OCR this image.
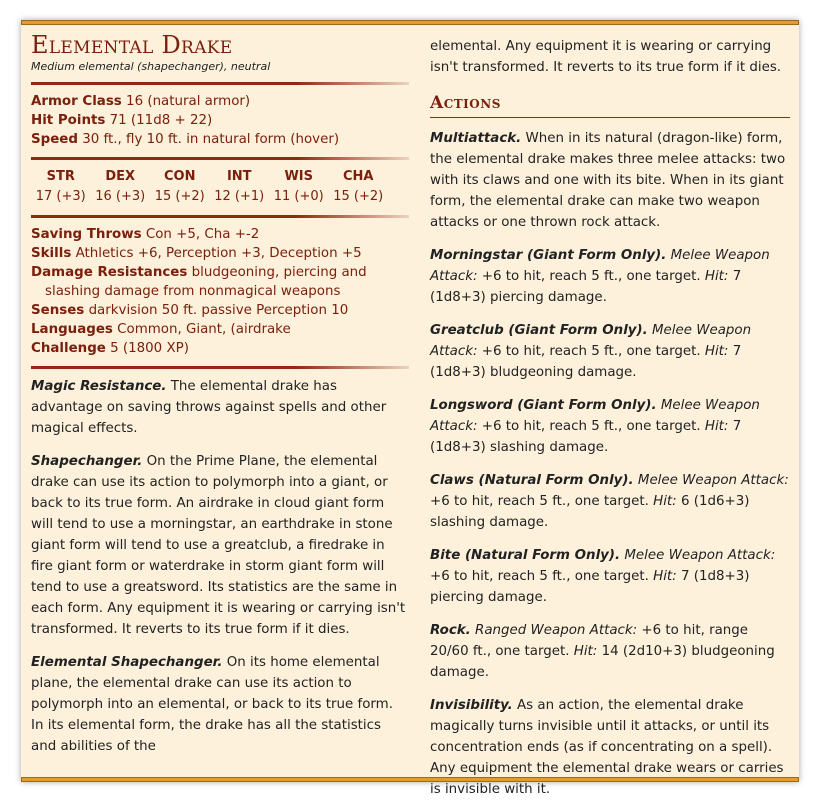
Elemental Drake
Medium elemental (shapechanger), neutral
Armor Class 16 (natural armor)
Hit Points 71 (11d8 + 22)
Speed 30 ft., fly 10 ft. in natural form (hover)
STR
17 (+3)
DEX
16 (+3)
CON
15 (+2)
INT
12 (+1)
WIS
11 (+0)
CHA
15 (+2)
Saving Throws Con +5, Cha +-2
Skills Athletics +6, Perception +3, Deception +5
Damage Resistances bludgeoning, piercing and slashing damage from nonmagical weapons
Senses darkvision 50 ft. passive Perception 10
Languages Common, Giant, (airdrake
Challenge 5 (1800 XP)

Magic Resistance. The elemental drake has advantage on saving throws against spells and other magical effects.

Shapechanger. On the Prime Plane, the elemental drake can use its action to polymorph into a giant, or back to its true form. An airdrake in cloud giant form will tend to use a morningstar, an earthdrake in stone giant form will tend to use a greatclub, a firedrake in fire giant form or waterdrake in storm giant form will tend to use a greatsword. Its statistics are the same in each form. Any equipment it is wearing or carrying isn't transformed. It reverts to its true form if it dies.

Elemental Shapechanger. On its home elemental plane, the elemental drake can use its action to polymorph into an elemental, or back to its true form. In its elemental form, the drake has all the statistics and abilities of the

elemental. Any equipment it is wearing or carrying isn't transformed. It reverts to its true form if it dies.

Actions

Multiattack. When in its natural (dragon-like) form, the elemental drake makes three melee attacks: two with its claws and one with its bite. When in its giant form, the elemental drake can make two weapon attacks or one thrown rock attack.

Morningstar (Giant Form Only). Melee Weapon Attack: +6 to hit, reach 5 ft., one target. Hit: 7 (1d8+3) piercing damage.

Greatclub (Giant Form Only). Melee Weapon Attack: +6 to hit, reach 5 ft., one target. Hit: 7 (1d8+3) bludgeoning damage.

Longsword (Giant Form Only). Melee Weapon Attack: +6 to hit, reach 5 ft., one target. Hit: 7 (1d8+3) slashing damage.

Claws (Natural Form Only). Melee Weapon Attack: +6 to hit, reach 5 ft., one target. Hit: 6 (1d6+3) slashing damage.

Bite (Natural Form Only). Melee Weapon Attack: +6 to hit, reach 5 ft., one target. Hit: 7 (1d8+3) piercing damage.

Rock. Ranged Weapon Attack: +6 to hit, range 20/60 ft., one target. Hit: 14 (2d10+3) bludgeoning damage.

Invisibility. As an action, the elemental drake magically turns invisible until it attacks, or until its concentration ends (as if concentrating on a spell). Any equipment the elemental drake wears or carries is invisible with it.
